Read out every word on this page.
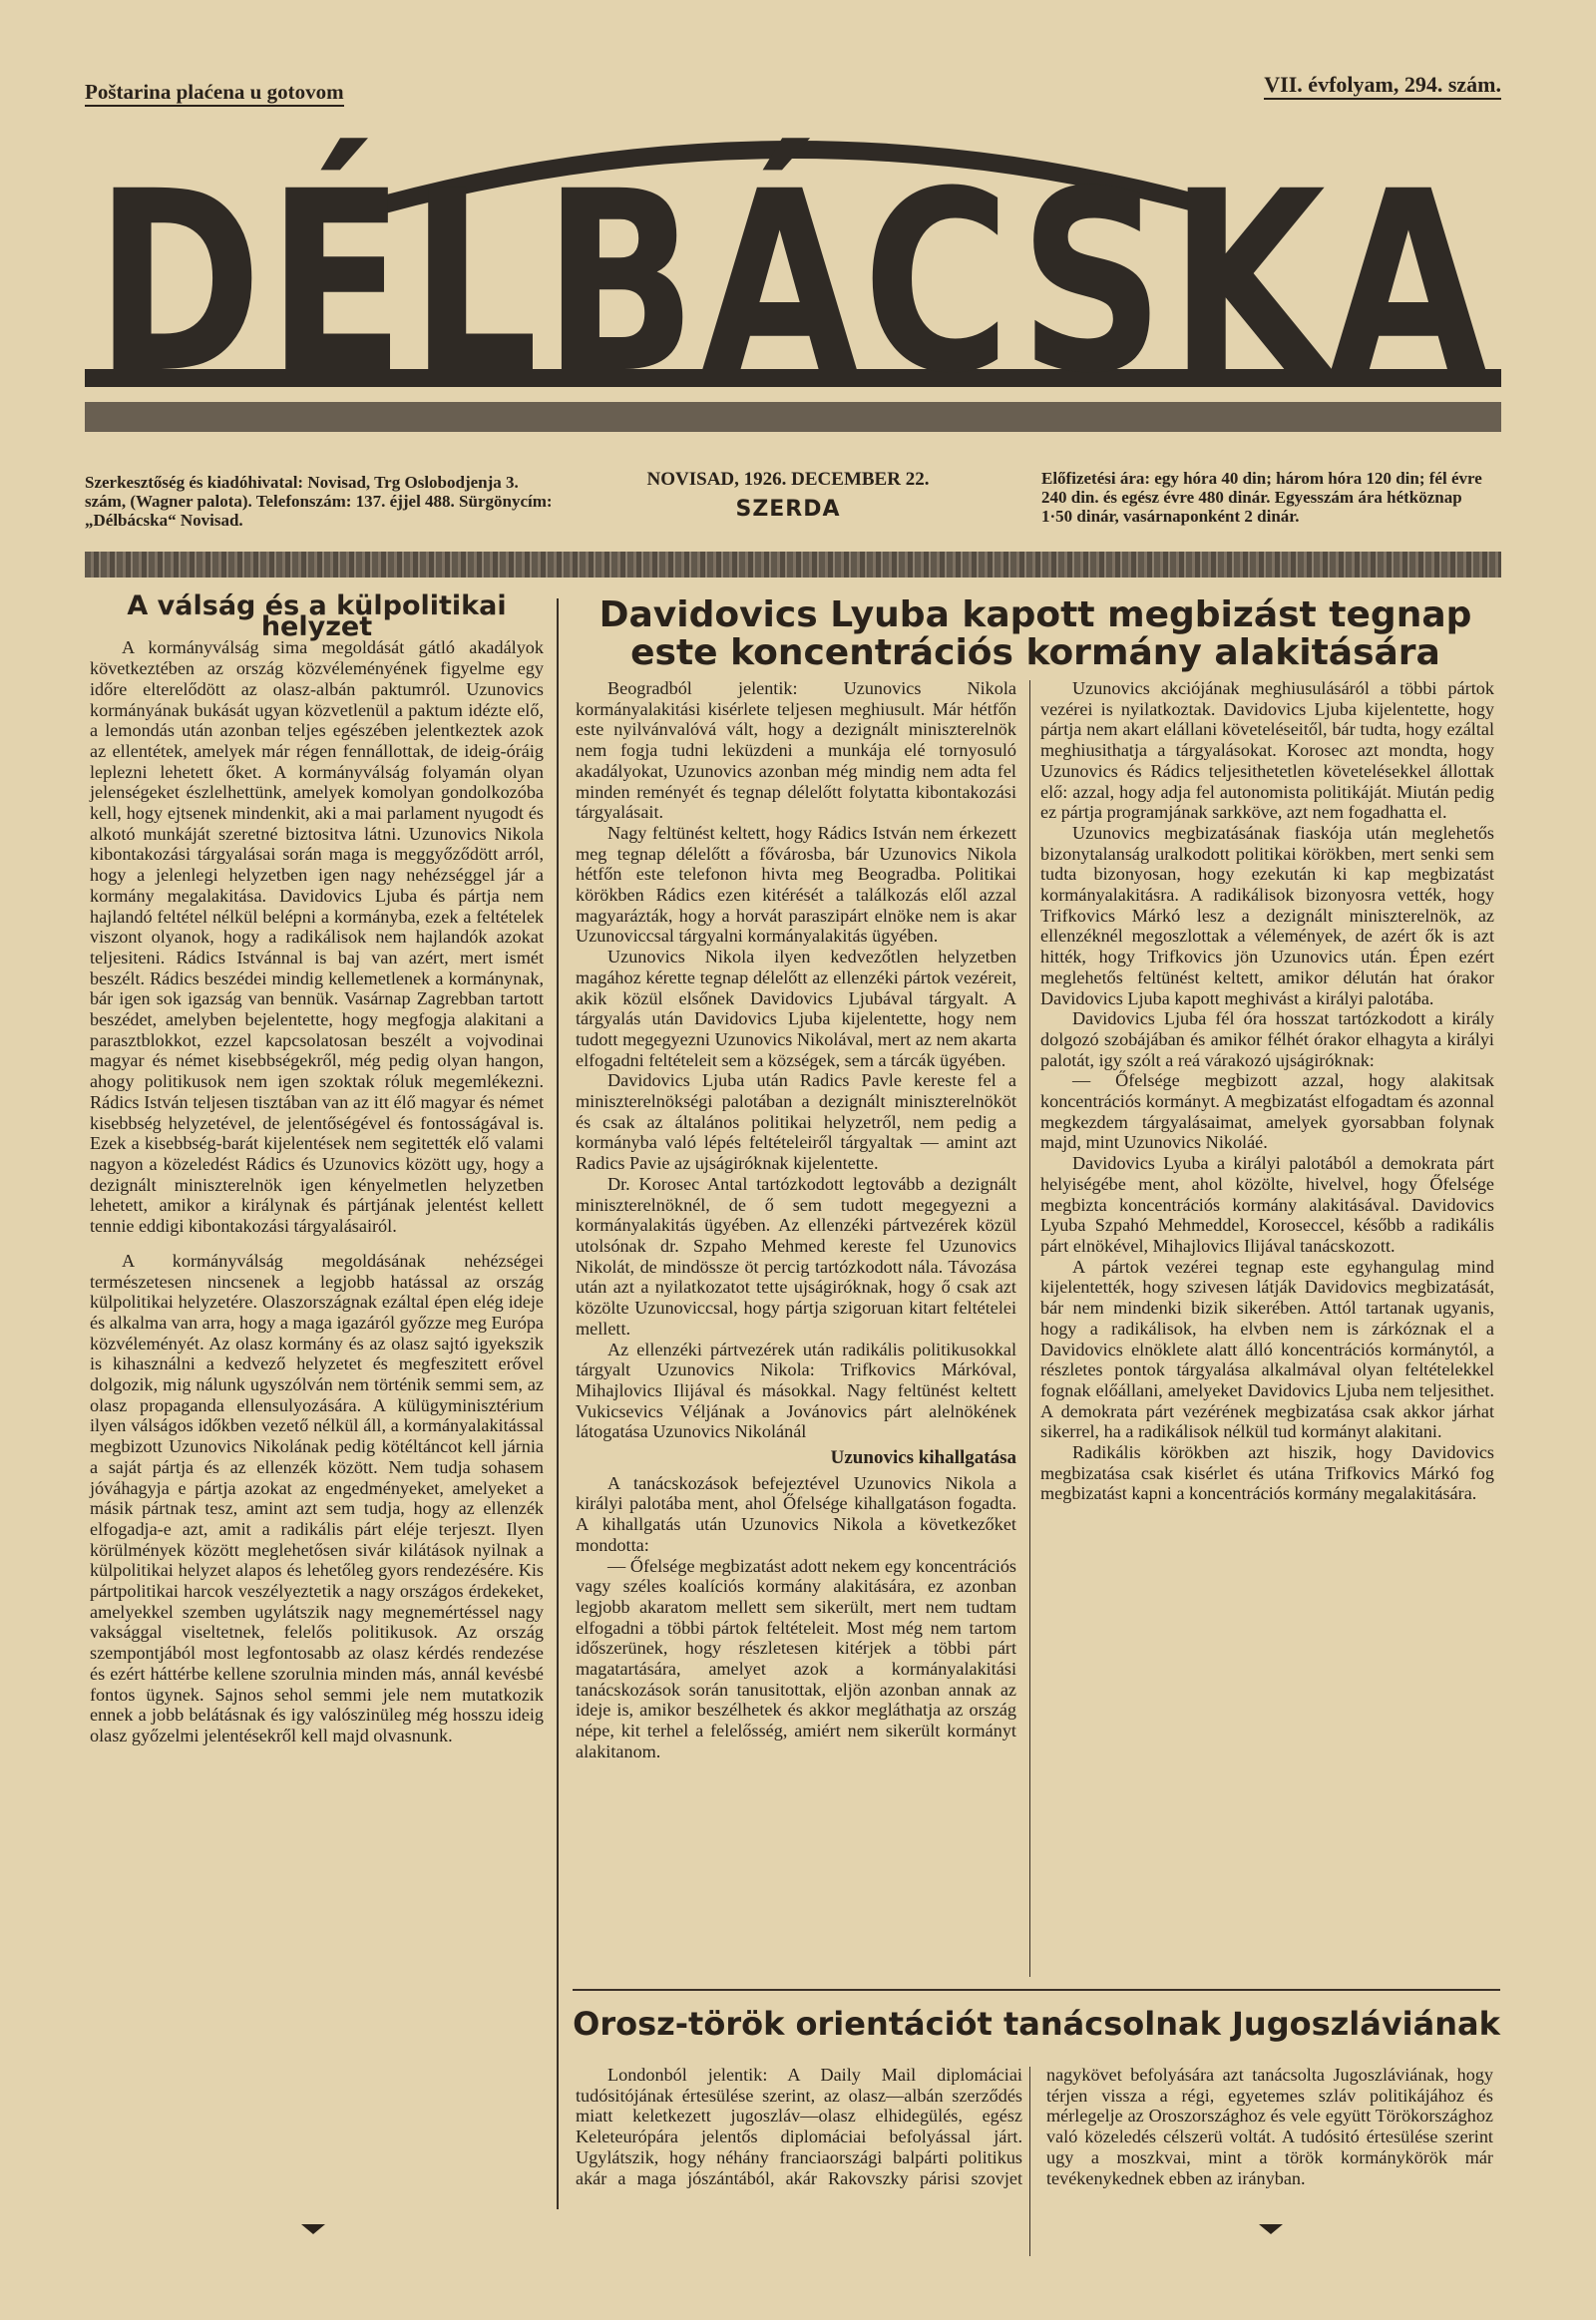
Poštarina plaćena u gotovom	VII. évfolyam, 294. szám.
DÉLBÁCSKA
Szerkesztőség és kiadóhivatal: Novisad, Trg Oslobodjenja 3. szám, (Wagner palota). Telefonszám: 137. éjjel 488. Sürgönycím: „Délbácska“ Novisad.
NOVISAD, 1926. DECEMBER 22.
SZERDA
Előfizetési ára: egy hóra 40 din; három hóra 120 din; fél évre 240 din. és egész évre 480 dinár. Egyesszám ára hétköznap 1·50 dinár, vasárnaponként 2 dinár.

A válság és a külpolitikai helyzet

A kormányválság sima megoldását gátló akadályok következtében az ország közvéleményének figyelme egy időre elterelődött az olasz-albán paktumról. Uzunovics kormányának bukását ugyan közvetlenül a paktum idézte elő, a lemondás után azonban teljes egészében jelentkeztek azok az ellentétek, amelyek már régen fennállottak, de ideig-óráig leplezni lehetett őket. A kormányválság folyamán olyan jelenségeket észlelhettünk, amelyek komolyan gondolkozóba kell, hogy ejtsenek mindenkit, aki a mai parlament nyugodt és alkotó munkáját szeretné biztositva látni. Uzunovics Nikola kibontakozási tárgyalásai során maga is meggyőződött arról, hogy a jelenlegi helyzetben igen nagy nehézséggel jár a kormány megalakitása. Davidovics Ljuba és pártja nem hajlandó feltétel nélkül belépni a kormányba, ezek a feltételek viszont olyanok, hogy a radikálisok nem hajlandók azokat teljesiteni. Rádics Istvánnal is baj van azért, mert ismét beszélt. Rádics beszédei mindig kellemetlenek a kormánynak, bár igen sok igazság van bennük. Vasárnap Zagrebban tartott beszédet, amelyben bejelentette, hogy megfogja alakitani a parasztblokkot, ezzel kapcsolatosan beszélt a vojvodinai magyar és német kisebbségekről, még pedig olyan hangon, ahogy politikusok nem igen szoktak róluk megemlékezni. Rádics István teljesen tisztában van az itt élő magyar és német kisebbség helyzetével, de jelentőségével és fontosságával is. Ezek a kisebbség-barát kijelentések nem segitették elő valami nagyon a közeledést Rádics és Uzunovics között ugy, hogy a dezignált miniszterelnök igen kényelmetlen helyzetben lehetett, amikor a királynak és pártjának jelentést kellett tennie eddigi kibontakozási tárgyalásairól.

A kormányválság megoldásának nehézségei természetesen nincsenek a legjobb hatással az ország külpolitikai helyzetére. Olaszországnak ezáltal épen elég ideje és alkalma van arra, hogy a maga igazáról győzze meg Európa közvéleményét. Az olasz kormány és az olasz sajtó igyekszik is kihasználni a kedvező helyzetet és megfeszitett erővel dolgozik, mig nálunk ugyszólván nem történik semmi sem, az olasz propaganda ellensulyozására. A külügyminisztérium ilyen válságos időkben vezető nélkül áll, a kormányalakitással megbizott Uzunovics Nikolának pedig kötéltáncot kell járnia a saját pártja és az ellenzék között. Nem tudja sohasem jóváhagyja e pártja azokat az engedményeket, amelyeket a másik pártnak tesz, amint azt sem tudja, hogy az ellenzék elfogadja-e azt, amit a radikális párt eléje terjeszt. Ilyen körülmények között meglehetősen sivár kilátások nyilnak a külpolitikai helyzet alapos és lehetőleg gyors rendezésére. Kis pártpolitikai harcok veszélyeztetik a nagy országos érdekeket, amelyekkel szemben ugylátszik nagy megnemértéssel nagy vaksággal viseltetnek, felelős politikusok. Az ország szempontjából most legfontosabb az olasz kérdés rendezése és ezért háttérbe kellene szorulnia minden más, annál kevésbé fontos ügynek. Sajnos sehol semmi jele nem mutatkozik ennek a jobb belátásnak és igy valószinüleg még hosszu ideig olasz győzelmi jelentésekről kell majd olvasnunk.

Davidovics Lyuba kapott megbizást tegnap este koncentrációs kormány alakitására

Beogradból jelentik: Uzunovics Nikola kormányalakitási kisérlete teljesen meghiusult. Már hétfőn este nyilvánvalóvá vált, hogy a dezignált miniszterelnök nem fogja tudni leküzdeni a munkája elé tornyosuló akadályokat, Uzunovics azonban még mindig nem adta fel minden reményét és tegnap délelőtt folytatta kibontakozási tárgyalásait.

Nagy feltünést keltett, hogy Rádics István nem érkezett meg tegnap délelőtt a fővárosba, bár Uzunovics Nikola hétfőn este telefonon hivta meg Beogradba. Politikai körökben Rádics ezen kitérését a találkozás elől azzal magyarázták, hogy a horvát paraszipárt elnöke nem is akar Uzunoviccsal tárgyalni kormányalakitás ügyében.

Uzunovics Nikola ilyen kedvezőtlen helyzetben magához kérette tegnap délelőtt az ellenzéki pártok vezéreit, akik közül elsőnek Davidovics Ljubával tárgyalt. A tárgyalás után Davidovics Ljuba kijelentette, hogy nem tudott megegyezni Uzunovics Nikolával, mert az nem akarta elfogadni feltételeit sem a községek, sem a tárcák ügyében.

Davidovics Ljuba után Radics Pavle kereste fel a miniszterelnökségi palotában a dezignált miniszterelnököt és csak az általános politikai helyzetről, nem pedig a kormányba való lépés feltételeiről tárgyaltak — amint azt Radics Pavie az ujságiróknak kijelentette.

Dr. Korosec Antal tartózkodott legtovább a dezignált miniszterelnöknél, de ő sem tudott megegyezni a kormányalakitás ügyében. Az ellenzéki pártvezérek közül utolsónak dr. Szpaho Mehmed kereste fel Uzunovics Nikolát, de mindössze öt percig tartózkodott nála. Távozása után azt a nyilatkozatot tette ujságiróknak, hogy ő csak azt közölte Uzunoviccsal, hogy pártja szigoruan kitart feltételei mellett.

Az ellenzéki pártvezérek után radikális politikusokkal tárgyalt Uzunovics Nikola: Trifkovics Márkóval, Mihajlovics Ilijával és másokkal. Nagy feltünést keltett Vukicsevics Véljának a Jovánovics párt alelnökének látogatása Uzunovics Nikolánál

Uzunovics kihallgatása

A tanácskozások befejeztével Uzunovics Nikola a királyi palotába ment, ahol Őfelsége kihallgatáson fogadta. A kihallgatás után Uzunovics Nikola a következőket mondotta:

— Őfelsége megbizatást adott nekem egy koncentrációs vagy széles koalíciós kormány alakitására, ez azonban legjobb akaratom mellett sem sikerült, mert nem tudtam elfogadni a többi pártok feltételeit. Most még nem tartom időszerünek, hogy részletesen kitérjek a többi párt magatartására, amelyet azok a kormányalakitási tanácskozások során tanusitottak, eljön azonban annak az ideje is, amikor beszélhetek és akkor megláthatja az ország népe, kit terhel a felelősség, amiért nem sikerült kormányt alakitanom.

Uzunovics akciójának meghiusulásáról a többi pártok vezérei is nyilatkoztak. Davidovics Ljuba kijelentette, hogy pártja nem akart elállani követeléseitől, bár tudta, hogy ezáltal meghiusithatja a tárgyalásokat. Korosec azt mondta, hogy Uzunovics és Rádics teljesithetetlen követelésekkel állottak elő: azzal, hogy adja fel autonomista politikáját. Miután pedig ez pártja programjának sarkköve, azt nem fogadhatta el.

Uzunovics megbizatásának fiaskója után meglehetős bizonytalanság uralkodott politikai körökben, mert senki sem tudta bizonyosan, hogy ezekután ki kap megbizatást kormányalakitásra. A radikálisok bizonyosra vették, hogy Trifkovics Márkó lesz a dezignált miniszterelnök, az ellenzéknél megoszlottak a vélemények, de azért ők is azt hitték, hogy Trifkovics jön Uzunovics után. Épen ezért meglehetős feltünést keltett, amikor délután hat órakor Davidovics Ljuba kapott meghivást a királyi palotába.

Davidovics Ljuba fél óra hosszat tartózkodott a király dolgozó szobájában és amikor félhét órakor elhagyta a királyi palotát, igy szólt a reá várakozó ujságiróknak:

— Őfelsége megbizott azzal, hogy alakitsak koncentrációs kormányt. A megbizatást elfogadtam és azonnal megkezdem tárgyalásaimat, amelyek gyorsabban folynak majd, mint Uzunovics Nikoláé.

Davidovics Lyuba a királyi palotából a demokrata párt helyiségébe ment, ahol közölte, hivelvel, hogy Őfelsége megbizta koncentrációs kormány alakitásával. Davidovics Lyuba Szpahó Mehmeddel, Koroseccel, később a radikális párt elnökével, Mihajlovics Ilijával tanácskozott.

A pártok vezérei tegnap este egyhangulag mind kijelentették, hogy szivesen látják Davidovics megbizatását, bár nem mindenki bizik sikerében. Attól tartanak ugyanis, hogy a radikálisok, ha elvben nem is zárkóznak el a Davidovics elnöklete alatt álló koncentrációs kormánytól, a részletes pontok tárgyalása alkalmával olyan feltételekkel fognak előállani, amelyeket Davidovics Ljuba nem teljesithet. A demokrata párt vezérének megbizatása csak akkor járhat sikerrel, ha a radikálisok nélkül tud kormányt alakitani.

Radikális körökben azt hiszik, hogy Davidovics megbizatása csak kisérlet és utána Trifkovics Márkó fog megbizatást kapni a koncentrációs kormány megalakitására.

Orosz-török orientációt tanácsolnak Jugoszláviának

Londonból jelentik: A Daily Mail diplomáciai tudósitójának értesülése szerint, az olasz—albán szerződés miatt keletkezett jugoszláv—olasz elhidegülés, egész Keleteurópára jelentős diplomáciai befolyással járt. Ugylátszik, hogy néhány franciaországi balpárti politikus akár a maga jószántából, akár Rakovszky párisi szovjet nagykövet befolyására azt tanácsolta Jugoszláviának, hogy térjen vissza a régi, egyetemes szláv politikájához és mérlegelje az Oroszországhoz és vele együtt Törökországhoz való közeledés célszerü voltát. A tudósitó értesülése szerint ugy a moszkvai, mint a török kormánykörök már tevékenykednek ebben az irányban.
